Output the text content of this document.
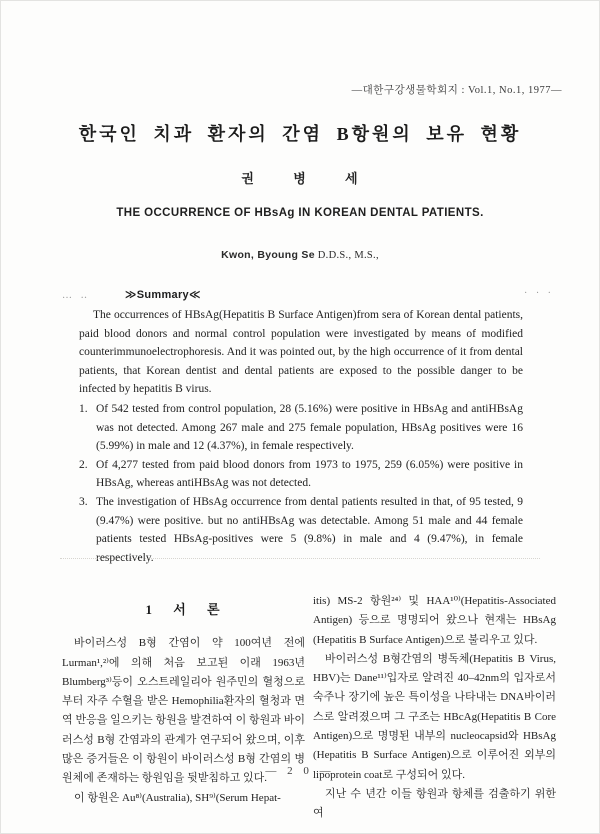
—대한구강생물학회지 : Vol.1, No.1, 1977—
한국인 치과 환자의 간염 B항원의 보유 현황
권 병 세
THE OCCURRENCE OF HBsAg IN KOREAN DENTAL PATIENTS.
Kwon, Byoung Se D.D.S., M.S.,
… ‥	≫Summary≪	· · ·

The occurrences of HBsAg(Hepatitis B Surface Antigen)from sera of Korean dental patients, paid blood donors and normal control population were investigated by means of modified counterimmunoelectrophoresis. And it was pointed out, by the high occurrence of it from dental patients, that Korean dentist and dental patients are exposed to the possible danger to be infected by hepatitis B virus.

1. Of 542 tested from control population, 28 (5.16%) were positive in HBsAg and antiHBsAg was not detected. Among 267 male and 275 female population, HBsAg positives were 16 (5.99%) in male and 12 (4.37%), in female respectively.
2. Of 4,277 tested from paid blood donors from 1973 to 1975, 259 (6.05%) were positive in HBsAg, whereas antiHBsAg was not detected.
3. The investigation of HBsAg occurrence from dental patients resulted in that, of 95 tested, 9 (9.47%) were positive. but no antiHBsAg was detectable. Among 51 male and 44 female patients tested HBsAg-positives were 5 (9.8%) in male and 4 (9.47%), in female respectively.
1 서 론

바이러스성 B형 간염이 약 100여년 전에 Lurman¹,²⁾에 의해 처음 보고된 이래 1963년 Blumberg³⁾등이 오스트레일리아 원주민의 혈청으로부터 자주 수혈을 받은 Hemophilia환자의 혈청과 면역 반응을 일으키는 항원을 발견하여 이 항원과 바이러스성 B형 간염과의 관계가 연구되어 왔으며, 이후 많은 증거들은 이 항원이 바이러스성 B형 간염의 병원체에 존재하는 항원임을 뒷받침하고 있다.

이 항원은 Au⁸⁾(Australia), SH⁹⁾(Serum Hepat-

itis) MS-2 항원²⁴⁾ 및 HAA¹⁰⁾(Hepatitis-Associated Antigen) 등으로 명명되어 왔으나 현재는 HBsAg (Hepatitis B Surface Antigen)으로 불리우고 있다.

바이러스성 B형간염의 병독체(Hepatitis B Virus, HBV)는 Dane¹¹⁾입자로 알려진 40–42nm의 입자로서 숙주나 장기에 높은 특이성을 나타내는 DNA바이러스로 알려졌으며 그 구조는 HBcAg(Hepatitis B Core Antigen)으로 명명된 내부의 nucleocapsid와 HBsAg (Hepatitis B Surface Antigen)으로 이루어진 외부의 lipoprotein coat로 구성되어 있다.

지난 수 년간 이들 항원과 항체를 검출하기 위한 여

— 2 0 —
